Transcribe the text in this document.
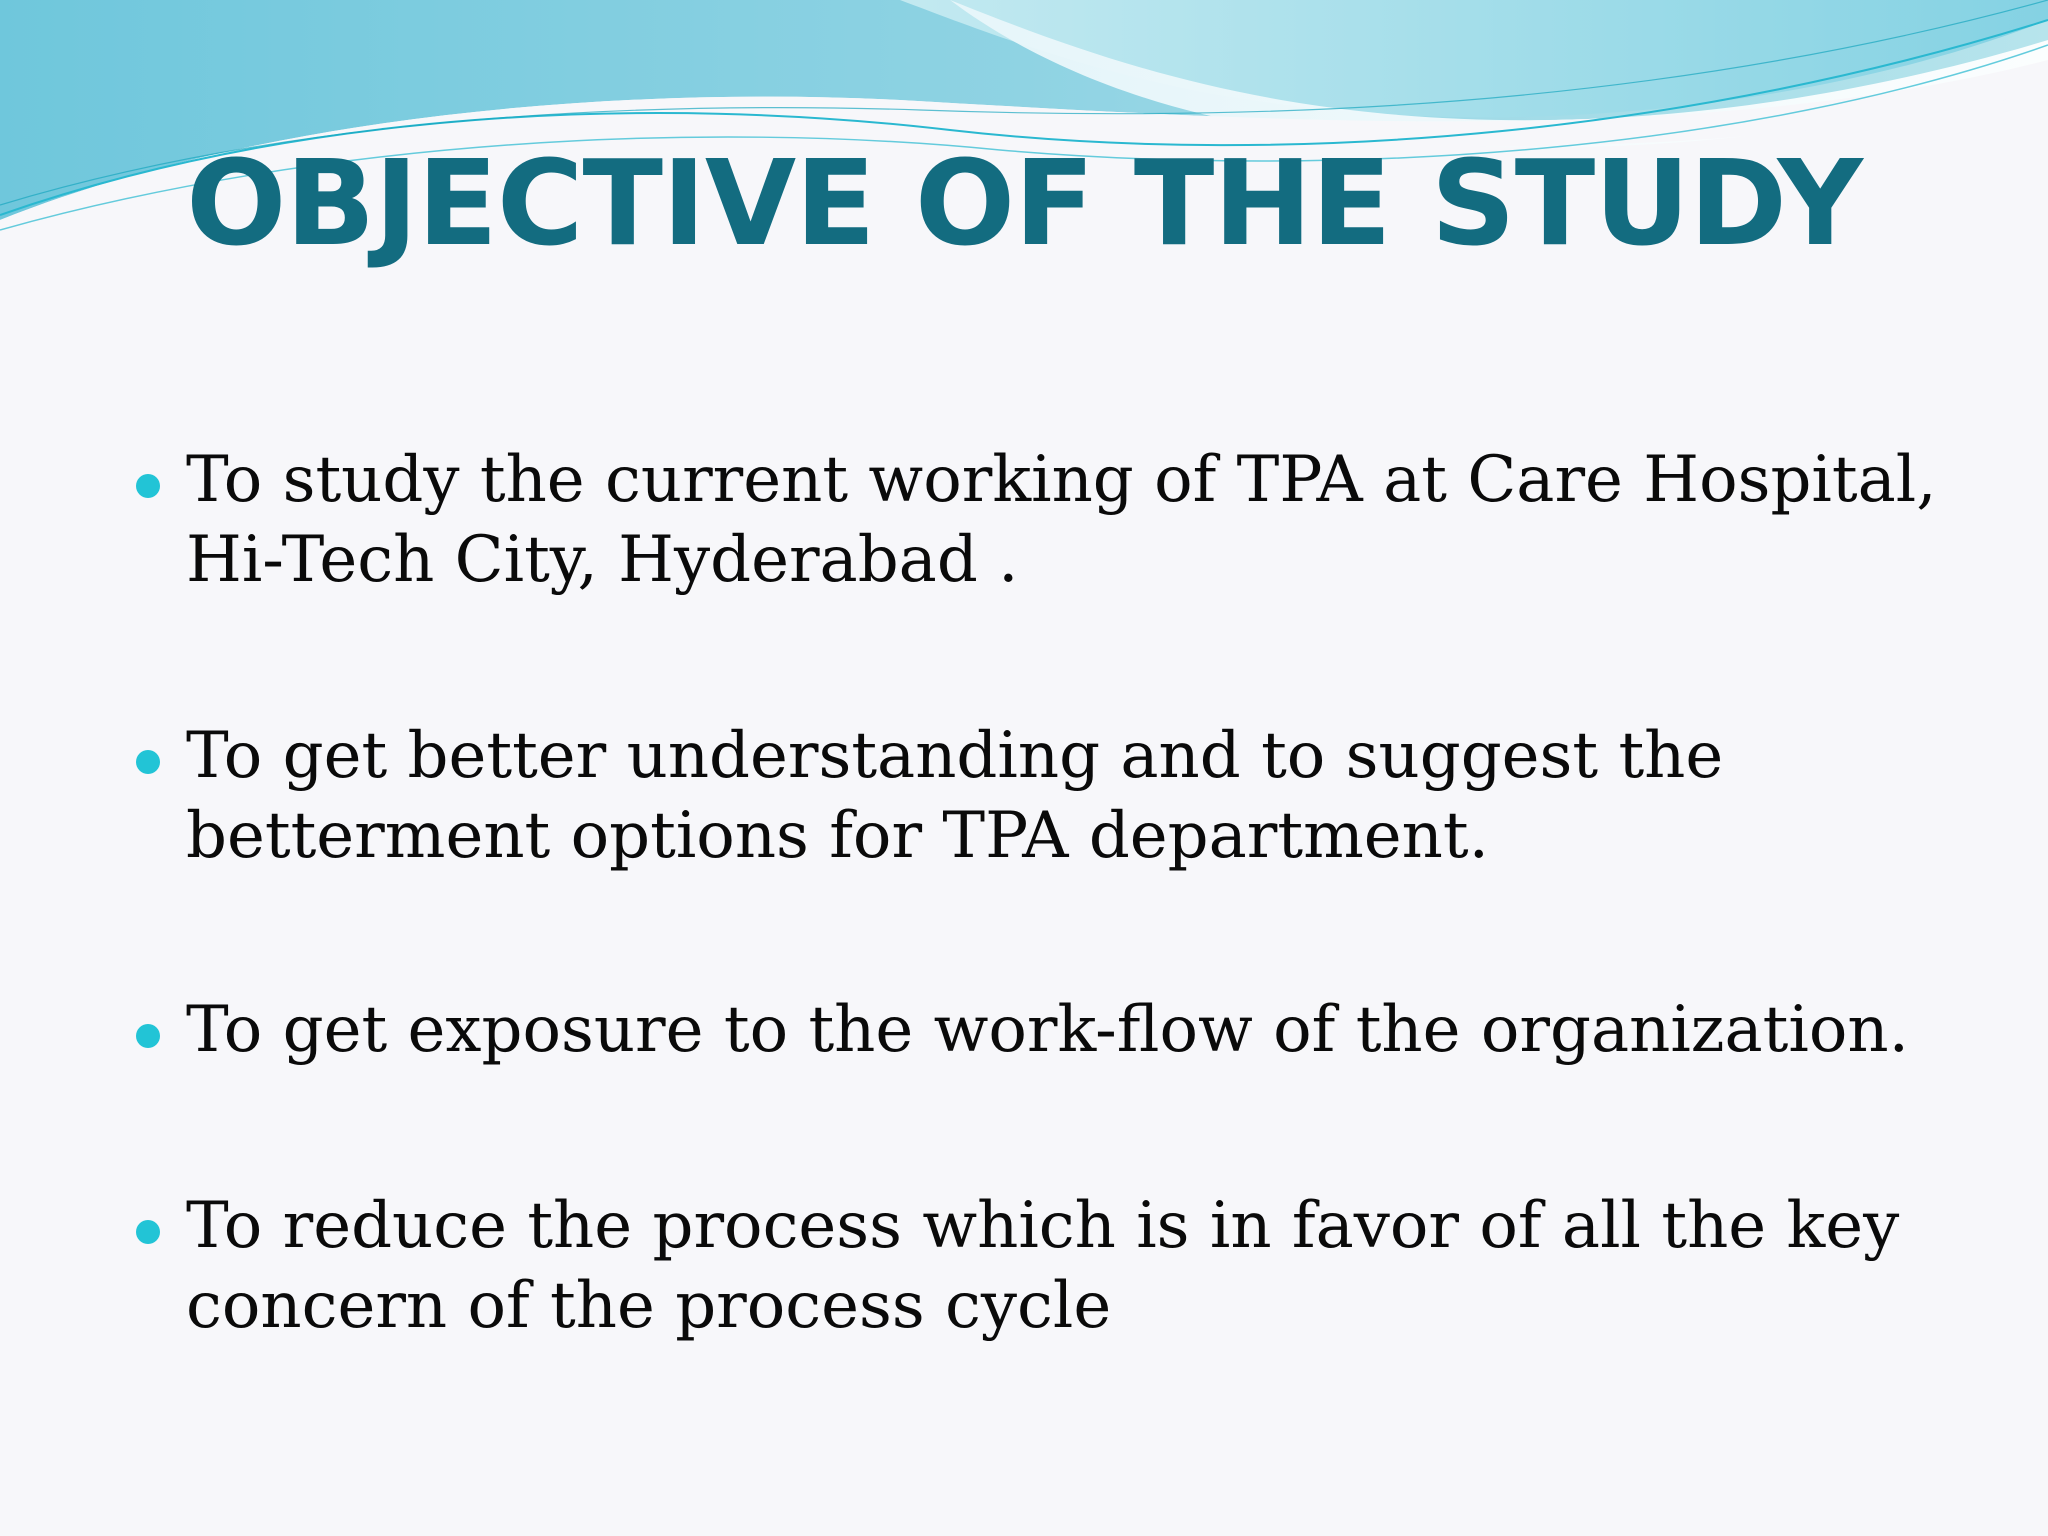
OBJECTIVE OF THE STUDY
To study the current working of TPA at Care Hospital, Hi-Tech City, Hyderabad .
To get better understanding and to suggest the betterment options for TPA department.
To get exposure to the work-flow of the organization.
To reduce the process which is in favor of all the key concern of the process cycle
